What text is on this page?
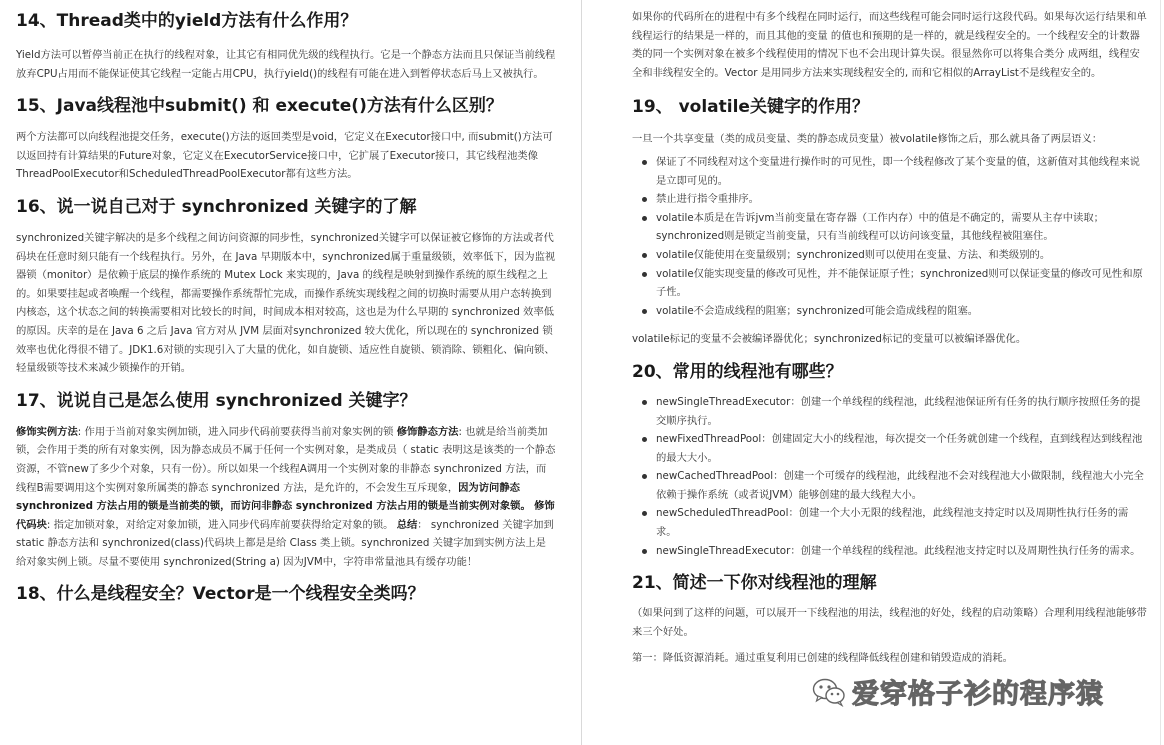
14、Thread类中的yield方法有什么作用？

Yield方法可以暂停当前正在执行的线程对象，让其它有相同优先级的线程执行。它是一个静态方法而且只保证当前线程放弃CPU占用而不能保证使其它线程一定能占用CPU，执行yield()的线程有可能在进入到暂停状态后马上又被执行。

15、Java线程池中submit() 和 execute()方法有什么区别？

两个方法都可以向线程池提交任务，execute()方法的返回类型是void，它定义在Executor接口中, 而submit()方法可以返回持有计算结果的Future对象，它定义在ExecutorService接口中，它扩展了Executor接口，其它线程池类像ThreadPoolExecutor和ScheduledThreadPoolExecutor都有这些方法。

16、说一说自己对于 synchronized 关键字的了解

synchronized关键字解决的是多个线程之间访问资源的同步性，synchronized关键字可以保证被它修饰的方法或者代码块在任意时刻只能有一个线程执行。另外，在 Java 早期版本中，synchronized属于重量级锁，效率低下，因为监视器锁（monitor）是依赖于底层的操作系统的 Mutex Lock 来实现的，Java 的线程是映射到操作系统的原生线程之上的。如果要挂起或者唤醒一个线程，都需要操作系统帮忙完成，而操作系统实现线程之间的切换时需要从用户态转换到内核态，这个状态之间的转换需要相对比较长的时间，时间成本相对较高，这也是为什么早期的 synchronized 效率低的原因。庆幸的是在 Java 6 之后 Java 官方对从 JVM 层面对synchronized 较大优化，所以现在的 synchronized 锁效率也优化得很不错了。JDK1.6对锁的实现引入了大量的优化，如自旋锁、适应性自旋锁、锁消除、锁粗化、偏向锁、轻量级锁等技术来减少锁操作的开销。

17、说说自己是怎么使用 synchronized 关键字？

修饰实例方法: 作用于当前对象实例加锁，进入同步代码前要获得当前对象实例的锁 修饰静态方法: 也就是给当前类加锁，会作用于类的所有对象实例，因为静态成员不属于任何一个实例对象，是类成员（ static 表明这是该类的一个静态资源，不管new了多少个对象，只有一份）。所以如果一个线程A调用一个实例对象的非静态 synchronized 方法，而线程B需要调用这个实例对象所属类的静态 synchronized 方法，是允许的，不会发生互斥现象，因为访问静态 synchronized 方法占用的锁是当前类的锁，而访问非静态 synchronized 方法占用的锁是当前实例对象锁。 修饰代码块: 指定加锁对象，对给定对象加锁，进入同步代码库前要获得给定对象的锁。 总结： synchronized 关键字加到 static 静态方法和 synchronized(class)代码块上都是是给 Class 类上锁。synchronized 关键字加到实例方法上是给对象实例上锁。尽量不要使用 synchronized(String a) 因为JVM中，字符串常量池具有缓存功能！

18、什么是线程安全？Vector是一个线程安全类吗？

如果你的代码所在的进程中有多个线程在同时运行，而这些线程可能会同时运行这段代码。如果每次运行结果和单线程运行的结果是一样的，而且其他的变量 的值也和预期的是一样的，就是线程安全的。一个线程安全的计数器类的同一个实例对象在被多个线程使用的情况下也不会出现计算失误。很显然你可以将集合类分 成两组，线程安全和非线程安全的。Vector 是用同步方法来实现线程安全的, 而和它相似的ArrayList不是线程安全的。

19、 volatile关键字的作用？

一旦一个共享变量（类的成员变量、类的静态成员变量）被volatile修饰之后，那么就具备了两层语义：

保证了不同线程对这个变量进行操作时的可见性，即一个线程修改了某个变量的值，这新值对其他线程来说是立即可见的。
禁止进行指令重排序。
volatile本质是在告诉jvm当前变量在寄存器（工作内存）中的值是不确定的，需要从主存中读取；synchronized则是锁定当前变量，只有当前线程可以访问该变量，其他线程被阻塞住。
volatile仅能使用在变量级别；synchronized则可以使用在变量、方法、和类级别的。
volatile仅能实现变量的修改可见性，并不能保证原子性；synchronized则可以保证变量的修改可见性和原子性。
volatile不会造成线程的阻塞；synchronized可能会造成线程的阻塞。

volatile标记的变量不会被编译器优化；synchronized标记的变量可以被编译器优化。

20、常用的线程池有哪些？
newSingleThreadExecutor：创建一个单线程的线程池，此线程池保证所有任务的执行顺序按照任务的提交顺序执行。
newFixedThreadPool：创建固定大小的线程池，每次提交一个任务就创建一个线程，直到线程达到线程池的最大大小。
newCachedThreadPool：创建一个可缓存的线程池，此线程池不会对线程池大小做限制，线程池大小完全依赖于操作系统（或者说JVM）能够创建的最大线程大小。
newScheduledThreadPool：创建一个大小无限的线程池，此线程池支持定时以及周期性执行任务的需求。
newSingleThreadExecutor：创建一个单线程的线程池。此线程池支持定时以及周期性执行任务的需求。
21、简述一下你对线程池的理解

（如果问到了这样的问题，可以展开一下线程池的用法，线程池的好处，线程的启动策略）合理利用线程池能够带来三个好处。

第一：降低资源消耗。通过重复利用已创建的线程降低线程创建和销毁造成的消耗。

爱穿格子衫的程序猿
